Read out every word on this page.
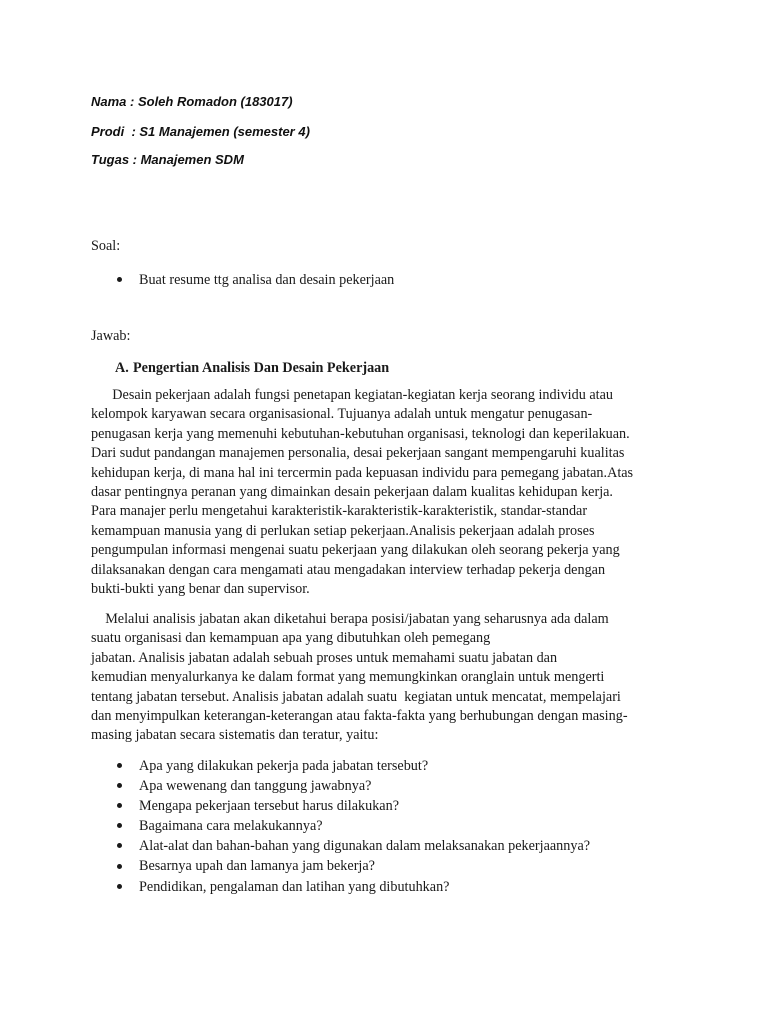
Nama : Soleh Romadon (183017)
Prodi  : S1 Manajemen (semester 4)
Tugas : Manajemen SDM
Soal:
Buat resume ttg analisa dan desain pekerjaan
Jawab:
A. Pengertian Analisis Dan Desain Pekerjaan

Desain pekerjaan adalah fungsi penetapan kegiatan-kegiatan kerja seorang individu atau
kelompok karyawan secara organisasional. Tujuanya adalah untuk mengatur penugasan-
penugasan kerja yang memenuhi kebutuhan-kebutuhan organisasi, teknologi dan keperilakuan.
Dari sudut pandangan manajemen personalia, desai pekerjaan sangant mempengaruhi kualitas
kehidupan kerja, di mana hal ini tercermin pada kepuasan individu para pemegang jabatan.Atas
dasar pentingnya peranan yang dimainkan desain pekerjaan dalam kualitas kehidupan kerja.
Para manajer perlu mengetahui karakteristik-karakteristik-karakteristik, standar-standar
kemampuan manusia yang di perlukan setiap pekerjaan.Analisis pekerjaan adalah proses
pengumpulan informasi mengenai suatu pekerjaan yang dilakukan oleh seorang pekerja yang
dilaksanakan dengan cara mengamati atau mengadakan interview terhadap pekerja dengan
bukti-bukti yang benar dan supervisor.

Melalui analisis jabatan akan diketahui berapa posisi/jabatan yang seharusnya ada dalam
suatu organisasi dan kemampuan apa yang dibutuhkan oleh pemegang
jabatan. Analisis jabatan adalah sebuah proses untuk memahami suatu jabatan dan
kemudian menyalurkanya ke dalam format yang memungkinkan oranglain untuk mengerti
tentang jabatan tersebut. Analisis jabatan adalah suatu  kegiatan untuk mencatat, mempelajari
dan menyimpulkan keterangan-keterangan atau fakta-fakta yang berhubungan dengan masing-
masing jabatan secara sistematis dan teratur, yaitu:

Apa yang dilakukan pekerja pada jabatan tersebut?
Apa wewenang dan tanggung jawabnya?
Mengapa pekerjaan tersebut harus dilakukan?
Bagaimana cara melakukannya?
Alat-alat dan bahan-bahan yang digunakan dalam melaksanakan pekerjaannya?
Besarnya upah dan lamanya jam bekerja?
Pendidikan, pengalaman dan latihan yang dibutuhkan?
